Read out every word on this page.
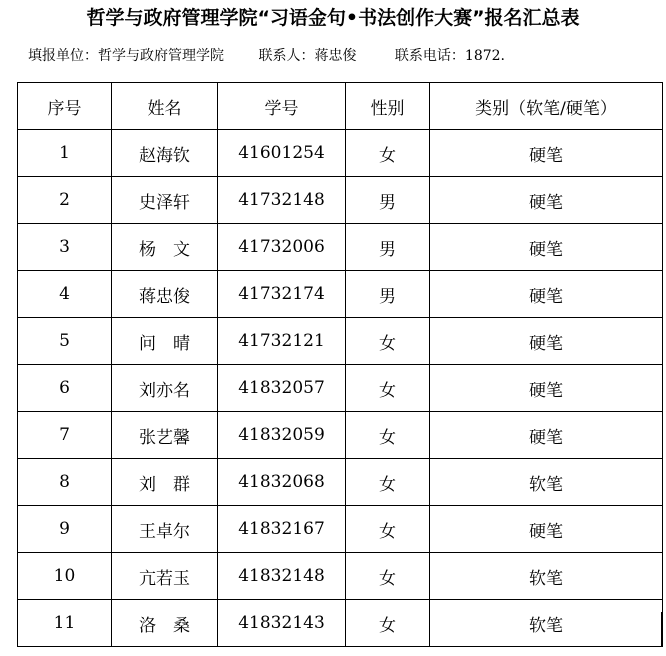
哲学与政府管理学院“习语金句•书法创作大赛”报名汇总表
填报单位：哲学与政府管理学院 联系人：蒋忠俊	联系电话：1872.
序号	姓名	学号	性别	类别（软笔/硬笔）
1	赵海钦	41601254	女	硬笔
2	史泽轩	41732148	男	硬笔
3	杨　文	41732006	男	硬笔
4	蒋忠俊	41732174	男	硬笔
5	问　晴	41732121	女	硬笔
6	刘亦名	41832057	女	硬笔
7	张艺馨	41832059	女	硬笔
8	刘　群	41832068	女	软笔
9	王卓尔	41832167	女	硬笔
10	亢若玉	41832148	女	软笔
11	洛　桑	41832143	女	软笔
